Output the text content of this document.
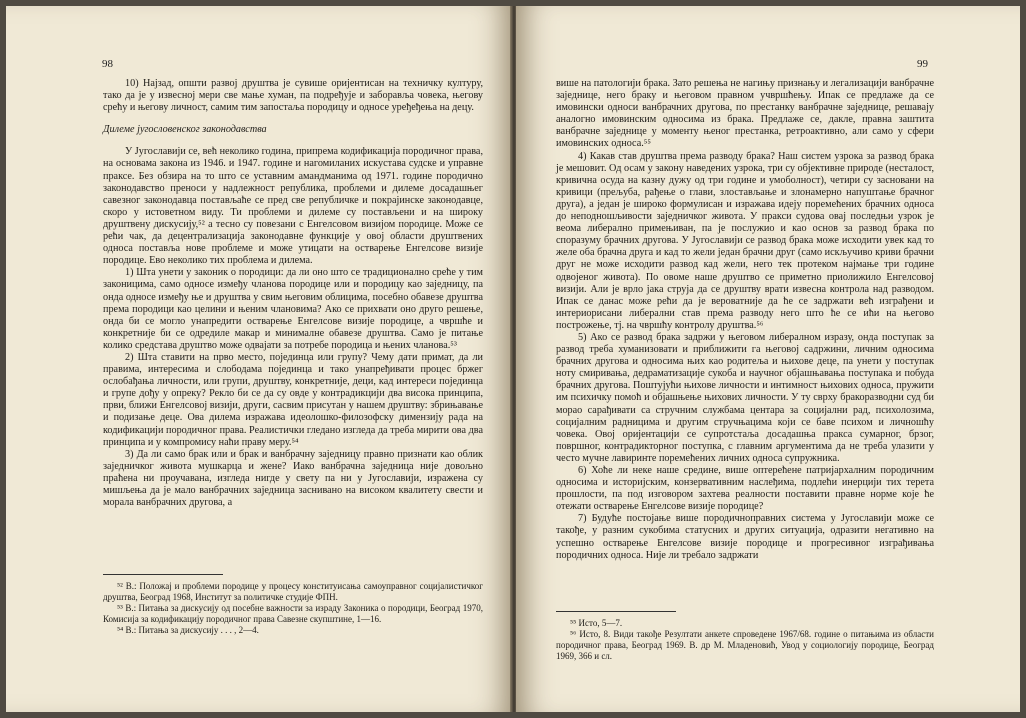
98

10) Најзад, општи развој друштва је сувише оријентисан на техничку културу, тако да је у извесној мери све мање хуман, па подређује и заборавља човека, његову срећу и његову личност, самим тим запостаља породицу и односе уређеђења на децу.

Дилеме југословенског законодавства

У Југославији се, већ неколико година, припрема кодификација породичног права, на основама закона из 1946. и 1947. године и нагомиланих искустава судске и управне праксе. Без обзира на то што се уставним амандманима од 1971. године породично законодавство преноси у надлежност република, проблеми и дилеме досадашњег савезног законодавца постављаће се пред све републичке и покрајинске законодавце, скоро у истоветном виду. Ти проблеми и дилеме су постављени и на широку друштвену дискусију,⁵² а тесно су повезани с Енгелсовом визијом породице. Може се рећи чак, да децентрализација законодавне функције у овој области друштвених односа поставља нове проблеме и може утицати на остварење Енгелсове визије породице. Ево неколико тих проблема и дилема.

1) Шта унети у законик о породици: да ли оно што се традиционално среће у тим законицима, само односе између чланова породице или и породицу као заједницу, па онда односе између ње и друштва у свим његовим облицима, посебно обавезе друштва према породици као целини и њеним члановима? Ако се прихвати оно друго решење, онда би се могло унапредити остварење Енгелсове визије породице, а чвршће и конкретније би се одредиле макар и минималне обавезе друштва. Само је питање колико средстава друштво може одвајати за потребе породица и њених чланова.⁵³

2) Шта ставити на прво место, појединца или групу? Чему дати примат, да ли правима, интересима и слободама појединца и тако унапређивати процес бржег ослобађања личности, или групи, друштву, конкретније, деци, кад интереси појединца и групе дођу у опреку? Рекло би се да су овде у контрадикцији два висока принципа, први, ближи Енгелсовој визији, други, сасвим присутан у нашем друштву: збрињавање и подизање деце. Ова дилема изражава идеолошко-филозофску димензију рада на кодификацији породичног права. Реалистички гледано изгледа да треба мирити ова два принципа и у компромису наћи праву меру.⁵⁴

3) Да ли само брак или и брак и ванбрачну заједницу правно признати као облик заједничког живота мушкарца и жене? Иако ванбрачна заједница није довољно праћена ни проучавана, изгледа нигде у свету па ни у Југославији, изражена су мишљења да је мало ванбрачних заједница заснивано на високом квалитету свести и морала ванбрачних другова, а

⁵² В.: Положај и проблеми породице у процесу конституисања самоуправног социјалистичког друштва, Београд 1968, Институт за политичке студије ФПН.

⁵³ В.: Питања за дискусију од посебне важности за израду Законика о породици, Београд 1970, Комисија за кодификацију породичног права Савезне скупштине, 1—16.

⁵⁴ В.: Питања за дискусију . . . , 2—4.

99

више на патологији брака. Зато решења не нагињу признању и легализацији ванбрачне заједнице, него браку и његовом правном учвршћењу. Ипак се предлаже да се имовински односи ванбрачних другова, по престанку ванбрачне заједнице, решавају аналогно имовинским односима из брака. Предлаже се, дакле, правна заштита ванбрачне заједнице у моменту њеног престанка, ретроактивно, али само у сфери имовинских односа.⁵⁵

4) Какав став друштва према разводу брака? Наш систем узрока за развод брака је мешовит. Од осам у закону наведених узрока, три су објективне природе (несталост, кривична осуда на казну дужу од три године и умоболност), четири су засновани на кривици (прељуба, рађење о глави, злостављање и злонамерно напуштање брачног друга), а један је широко формулисан и изражава идеју поремећених брачних односа до неподношљивости заједничког живота. У пракси судова овај последњи узрок је веома либерално примењиван, па је послужио и као основ за развод брака по споразуму брачних другова. У Југославији се развод брака може исходити увек кад то желе оба брачна друга и кад то жели један брачни друг (само искључиво криви брачни друг не може исходити развод кад жели, него тек протеком најмање три године одвојеног живота). По овоме наше друштво се приметно приолижило Енгелсовој визији. Али је врло јака струја да се друштву врати извесна контрола над разводом. Ипак се данас може рећи да је вероватније да ће се задржати већ изграђени и интериорисани либерални став према разводу него што ће се ићи на његово построжење, тј. на чвршћу контролу друштва.⁵⁶

5) Ако се развод брака задржи у његовом либералном изразу, онда поступак за развод треба хуманизовати и приближити га његовој садржини, личним односима брачних другова и односима њих као родитеља и њихове деце, па унети у поступак ноту смиривања, дедраматизације сукоба и научног објашњавања поступака и побуда брачних другова. Поштујући њихове личности и интимност њихових односа, пружити им психичку помоћ и објашњење њихових личности. У ту сврху бракоразводни суд би морао сарађивати са стручним службама центара за социјални рад, психолозима, социјалним радницима и другим стручњацима који се баве психом и личношћу човека. Овој оријентацији се супротстаља досадашња пракса сумарног, брзог, површног, контрадикторног поступка, с главним аргументима да не треба улазити у често мучне лавиринте поремећених личних односа супружника.

6) Хоће ли неке наше средине, више оптерећене патријархалним породичним односима и историјским, конзервативним наслеђима, подлећи инерцији тих терета прошлости, па под изговором захтева реалности поставити правне норме које ће отежати остварење Енгелсове визије породице?

7) Будуће постојање више породичноправних система у Југославији може се такође, у разним сукобима статусних и других ситуација, одразити негативно на успешно остварење Енгелсове визије породице и прогресивног изграђивања породичних односа. Није ли требало задржати

⁵⁵ Исто, 5—7.

⁵⁶ Исто, 8. Види такође Резултати анкете спроведене 1967/68. године о питањима из области породичног права, Београд 1969. В. др М. Младеновић, Увод у социологију породице, Београд 1969, 366 и сл.
